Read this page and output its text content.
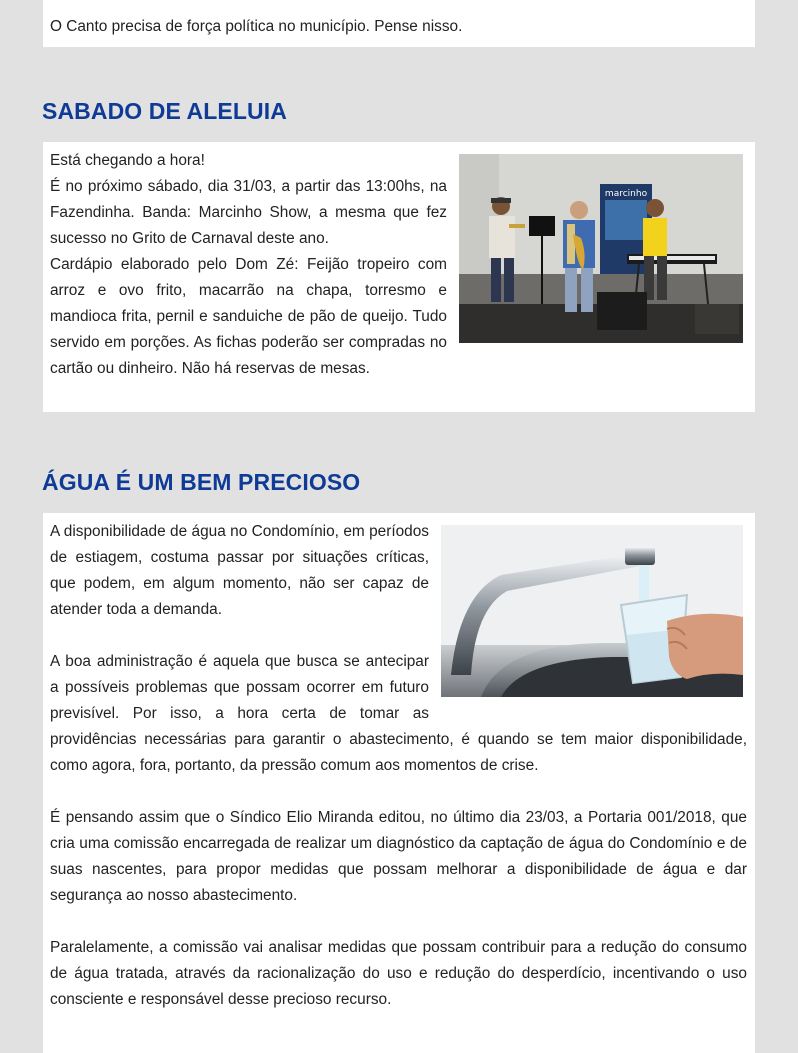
O Canto precisa de força política no município. Pense nisso.

SABADO DE ALELUIA
marcinho

Está chegando a hora!

É no próximo sábado, dia 31/03, a partir das 13:00hs, na Fazendinha. Banda: Marcinho Show, a mesma que fez sucesso no Grito de Carnaval deste ano.

Cardápio elaborado pelo Dom Zé: Feijão tropeiro com arroz e ovo frito, macarrão na chapa, torresmo e mandioca frita, pernil e sanduiche de pão de queijo. Tudo servido em porções. As fichas poderão ser compradas no cartão ou dinheiro. Não há reservas de mesas.

ÁGUA É UM BEM PRECIOSO

A disponibilidade de água no Condomínio, em períodos de estiagem, costuma passar por situações críticas, que podem, em algum momento, não ser capaz de atender toda a demanda.

A boa administração é aquela que busca se antecipar a possíveis problemas que possam ocorrer em futuro previsível. Por isso, a hora certa de tomar as providências necessárias para garantir o abastecimento, é quando se tem maior disponibilidade, como agora, fora, portanto, da pressão comum aos momentos de crise.

É pensando assim que o Síndico Elio Miranda editou, no último dia 23/03, a Portaria 001/2018, que cria uma comissão encarregada de realizar um diagnóstico da captação de água do Condomínio e de suas nascentes, para propor medidas que possam melhorar a disponibilidade de água e dar segurança ao nosso abastecimento.

Paralelamente, a comissão vai analisar medidas que possam contribuir para a redução do consumo de água tratada, através da racionalização do uso e redução do desperdício, incentivando o uso consciente e responsável desse precioso recurso.
